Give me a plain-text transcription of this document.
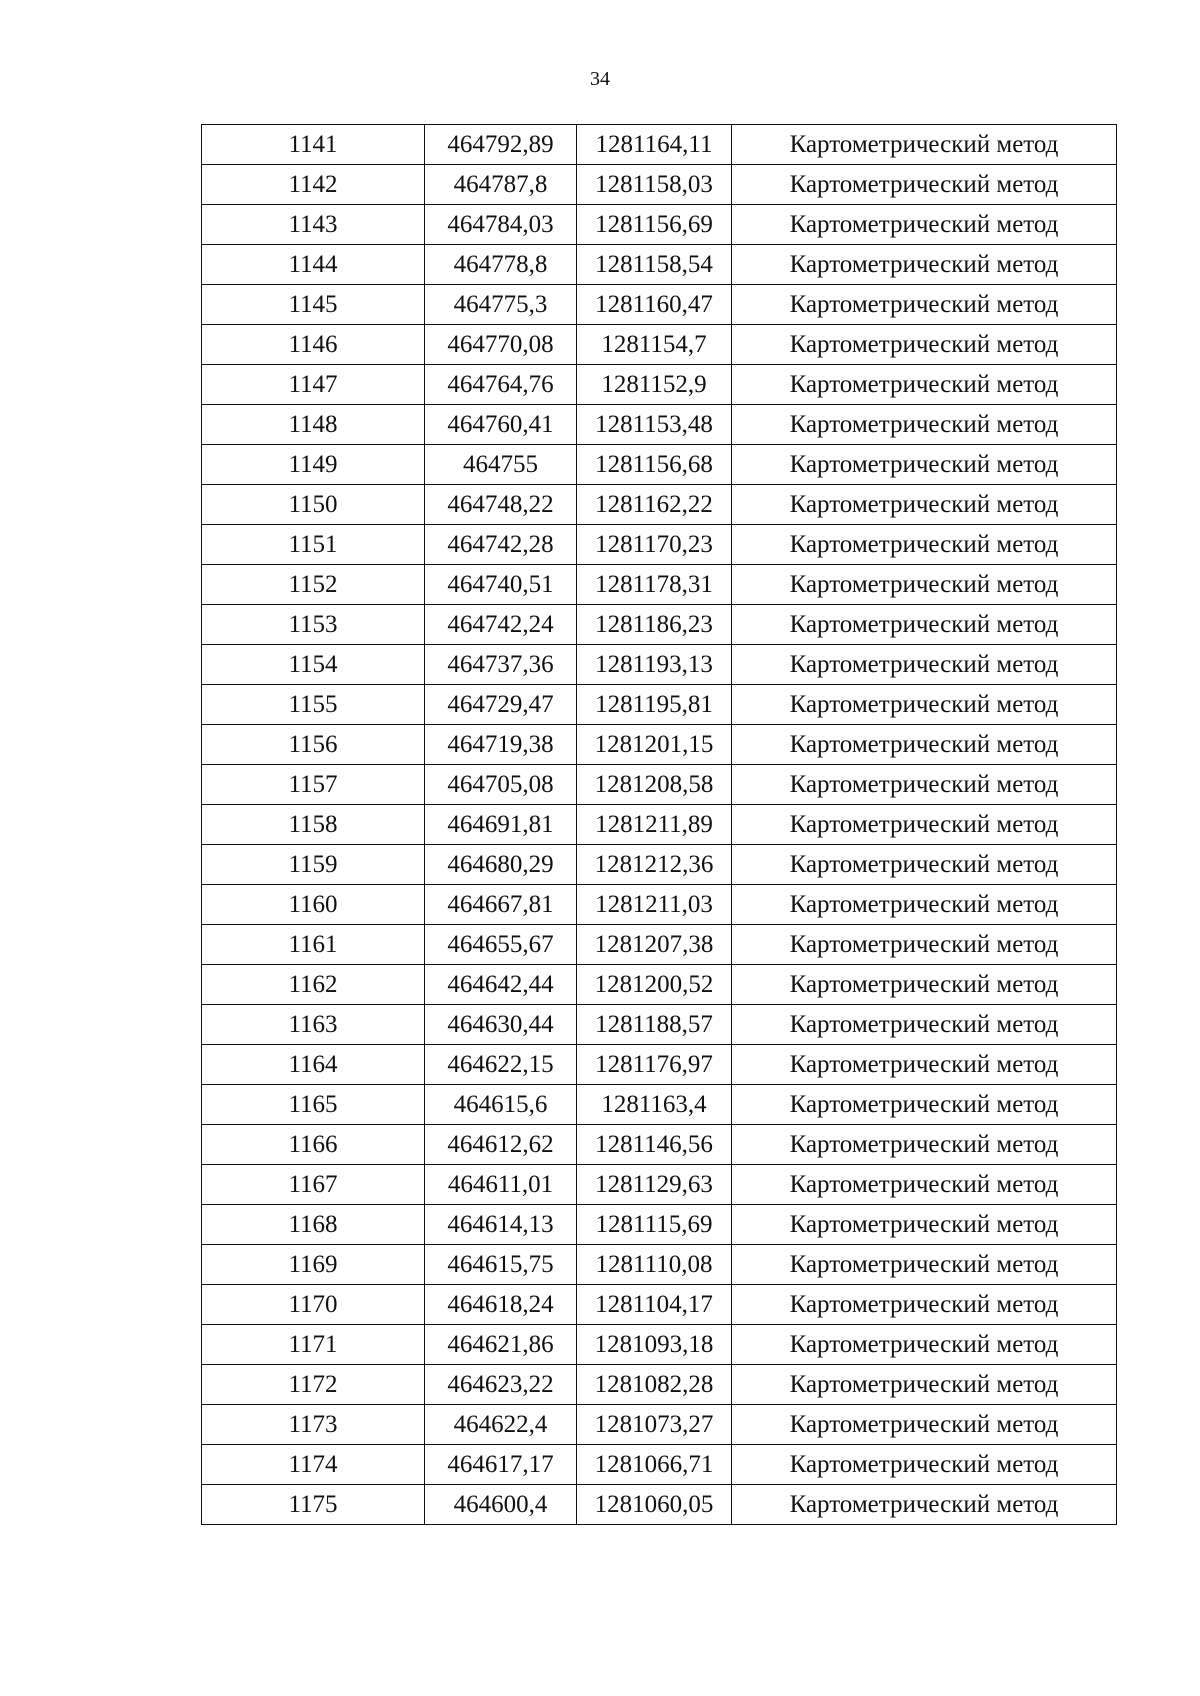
34
1141	464792,89	1281164,11	Картометрический метод
1142	464787,8	1281158,03	Картометрический метод
1143	464784,03	1281156,69	Картометрический метод
1144	464778,8	1281158,54	Картометрический метод
1145	464775,3	1281160,47	Картометрический метод
1146	464770,08	1281154,7	Картометрический метод
1147	464764,76	1281152,9	Картометрический метод
1148	464760,41	1281153,48	Картометрический метод
1149	464755	1281156,68	Картометрический метод
1150	464748,22	1281162,22	Картометрический метод
1151	464742,28	1281170,23	Картометрический метод
1152	464740,51	1281178,31	Картометрический метод
1153	464742,24	1281186,23	Картометрический метод
1154	464737,36	1281193,13	Картометрический метод
1155	464729,47	1281195,81	Картометрический метод
1156	464719,38	1281201,15	Картометрический метод
1157	464705,08	1281208,58	Картометрический метод
1158	464691,81	1281211,89	Картометрический метод
1159	464680,29	1281212,36	Картометрический метод
1160	464667,81	1281211,03	Картометрический метод
1161	464655,67	1281207,38	Картометрический метод
1162	464642,44	1281200,52	Картометрический метод
1163	464630,44	1281188,57	Картометрический метод
1164	464622,15	1281176,97	Картометрический метод
1165	464615,6	1281163,4	Картометрический метод
1166	464612,62	1281146,56	Картометрический метод
1167	464611,01	1281129,63	Картометрический метод
1168	464614,13	1281115,69	Картометрический метод
1169	464615,75	1281110,08	Картометрический метод
1170	464618,24	1281104,17	Картометрический метод
1171	464621,86	1281093,18	Картометрический метод
1172	464623,22	1281082,28	Картометрический метод
1173	464622,4	1281073,27	Картометрический метод
1174	464617,17	1281066,71	Картометрический метод
1175	464600,4	1281060,05	Картометрический метод
